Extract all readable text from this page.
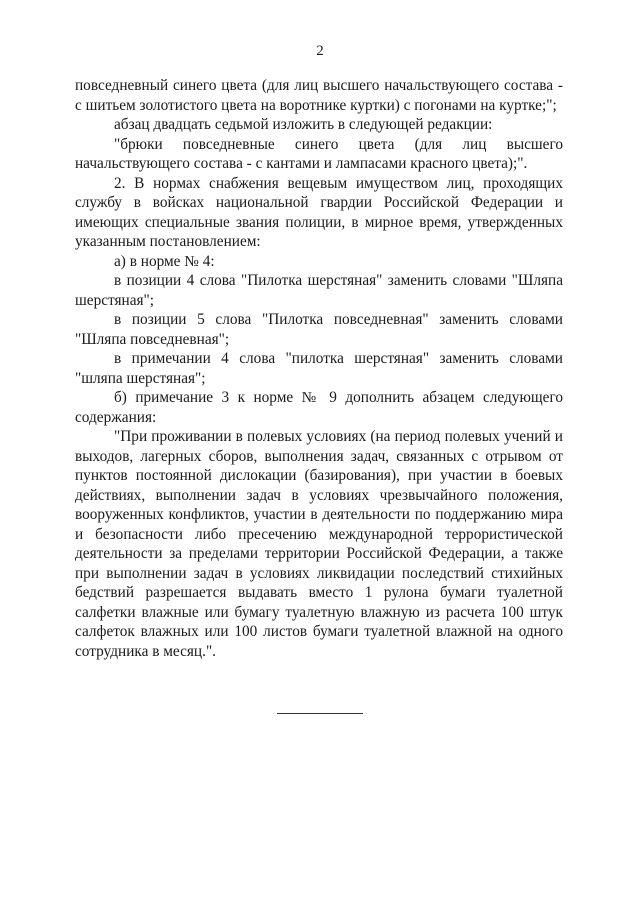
2

повседневный синего цвета (для лиц высшего начальствующего состава - с шитьем золотистого цвета на воротнике куртки) с погонами на куртке;";

абзац двадцать седьмой изложить в следующей редакции:

"брюки повседневные синего цвета (для лиц высшего начальствующего состава - с кантами и лампасами красного цвета);".

2. В нормах снабжения вещевым имуществом лиц, проходящих службу в войсках национальной гвардии Российской Федерации и имеющих специальные звания полиции, в мирное время, утвержденных указанным постановлением:

а) в норме № 4:

в позиции 4 слова "Пилотка шерстяная" заменить словами "Шляпа шерстяная";

в позиции 5 слова "Пилотка повседневная" заменить словами "Шляпа повседневная";

в примечании 4 слова "пилотка шерстяная" заменить словами "шляпа шерстяная";

б) примечание 3 к норме № 9 дополнить абзацем следующего содержания:

"При проживании в полевых условиях (на период полевых учений и выходов, лагерных сборов, выполнения задач, связанных с отрывом от пунктов постоянной дислокации (базирования), при участии в боевых действиях, выполнении задач в условиях чрезвычайного положения, вооруженных конфликтов, участии в деятельности по поддержанию мира и безопасности либо пресечению международной террористической деятельности за пределами территории Российской Федерации, а также при выполнении задач в условиях ликвидации последствий стихийных бедствий разрешается выдавать вместо 1 рулона бумаги туалетной салфетки влажные или бумагу туалетную влажную из расчета 100 штук салфеток влажных или 100 листов бумаги туалетной влажной на одного сотрудника в месяц.".
